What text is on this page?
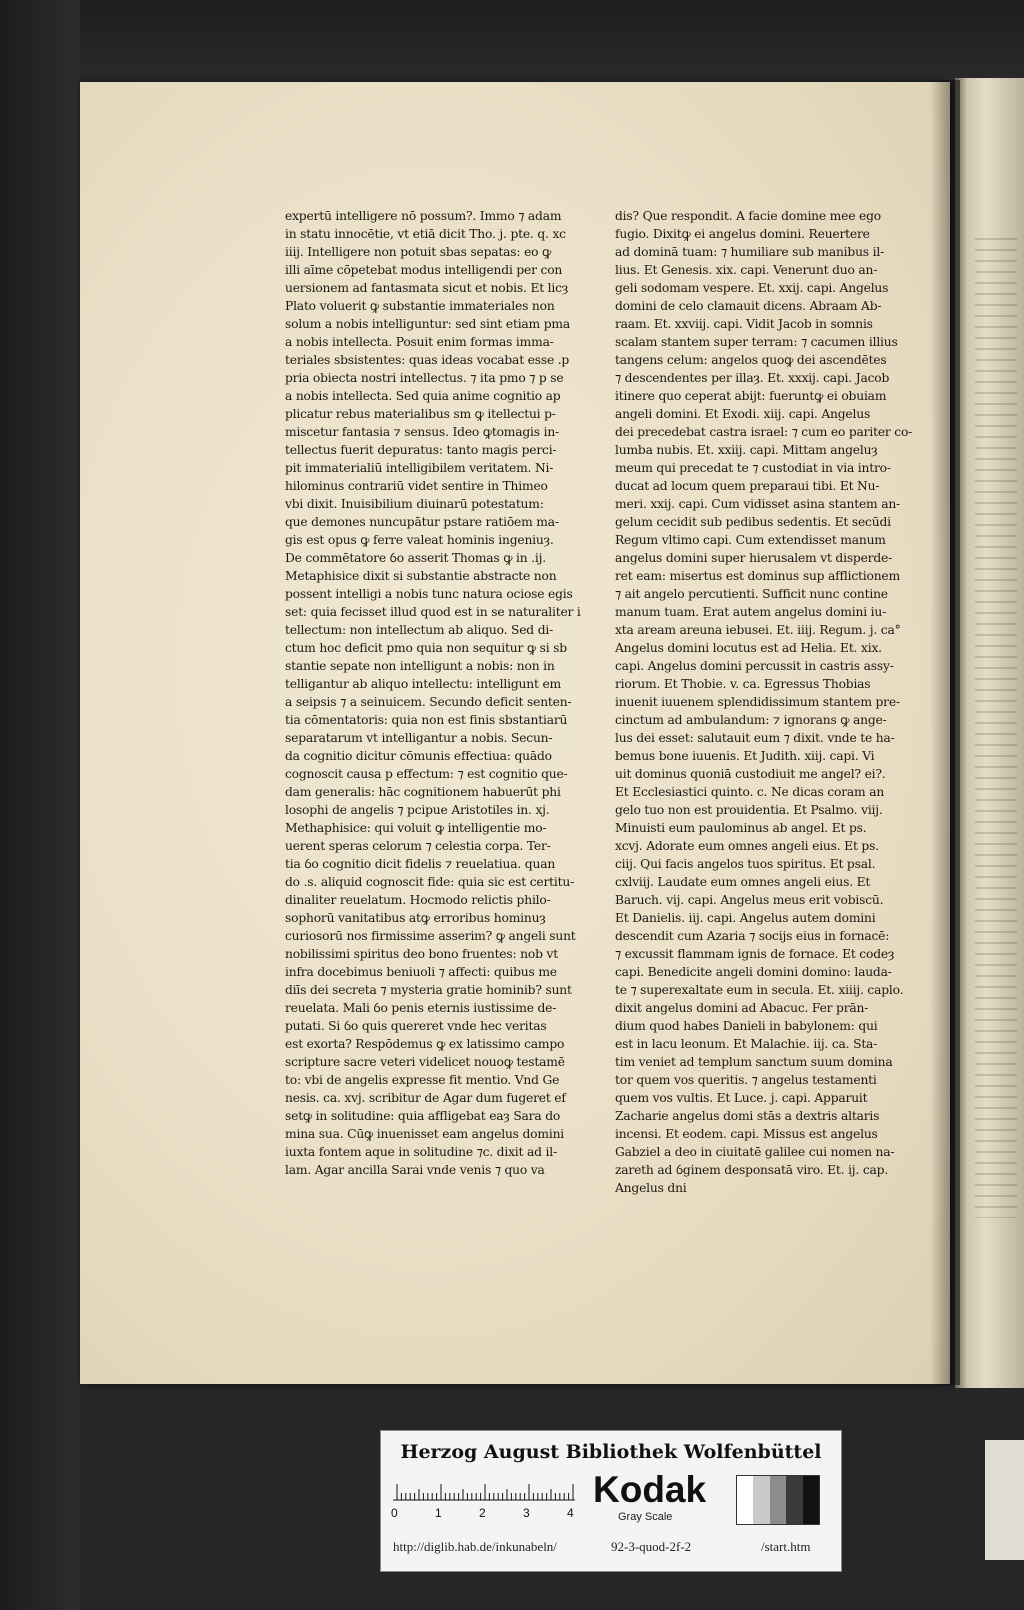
expertū intelligere nō possum?. Immo ⁊ adam
in statu innocētie, vt etiā dicit Tho. j. pte. q. xc
iiij. Intelligere non potuit sbas sepatas: eo ꝙ
illi aīme cōpetebat modus intelligendi per con
uersionem ad fantasmata sicut et nobis. Et licȝ
Plato voluerit ꝙ substantie immateriales non
solum a nobis intelliguntur: sed sint etiam pma
a nobis intellecta. Posuit enim formas imma-
teriales sbsistentes: quas ideas vocabat esse .p
pria obiecta nostri intellectus. ⁊ ita pmo ⁊ p se
a nobis intellecta. Sed quia anime cognitio ap
plicatur rebus materialibus sm ꝙ itellectui p-
miscetur fantasia ⁊ sensus. Ideo ꝙtomagis in-
tellectus fuerit depuratus: tanto magis perci-
pit immaterialiū intelligibilem veritatem. Ni-
hilominus contrariū videt sentire in Thimeo
vbi dixit. Inuisibilium diuinarū potestatum:
que demones nuncupātur pstare ratiōem ma-
gis est opus ꝙ ferre valeat hominis ingeniuȝ.
De commētatore ỽo asserit Thomas ꝙ in .ij.
Metaphisice dixit si substantie abstracte non
possent intelligi a nobis tunc natura ociose egis
set: quia fecisset illud quod est in se naturaliter i
tellectum: non intellectum ab aliquo. Sed di-
ctum hoc deficit pmo quia non sequitur ꝙ si sb
stantie sepate non intelligunt a nobis: non in
telligantur ab aliquo intellectu: intelligunt em
a seipsis ⁊ a seinuicem. Secundo deficit senten-
tia cōmentatoris: quia non est finis sbstantiarū
separatarum vt intelligantur a nobis. Secun-
da cognitio dicitur cōmunis effectiua: quādo
cognoscit causa p effectum: ⁊ est cognitio que-
dam generalis: hāc cognitionem habuerūt phi
losophi de angelis ⁊ pcipue Aristotiles in. xj.
Methaphisice: qui voluit ꝙ intelligentie mo-
uerent speras celorum ⁊ celestia corpa. Ter-
tia ỽo cognitio dicit fidelis ⁊ reuelatiua. quan
do .s. aliquid cognoscit fide: quia sic est certitu-
dinaliter reuelatum. Hocmodo relictis philo-
sophorū vanitatibus atꝙ erroribus hominuȝ
curiosorū nos firmissime asserim? ꝙ angeli sunt
nobilissimi spiritus deo bono fruentes: nob vt
infra docebimus beniuoli ⁊ affecti: quibus me
diīs dei secreta ⁊ mysteria gratie hominib? sunt
reuelata. Mali ỽo penis eternis iustissime de-
putati. Si ỽo quis quereret vnde hec veritas
est exorta? Respōdemus ꝙ ex latissimo campo
scripture sacre veteri videlicet nouoꝙ testamē
to: vbi de angelis expresse fit mentio. Vnd Ge
nesis. ca. xvj. scribitur de Agar dum fugeret ef
setꝙ in solitudine: quia affligebat eaȝ Sara do
mina sua. Cūꝙ inuenisset eam angelus domini
iuxta fontem aque in solitudine ⁊c. dixit ad il-
lam. Agar ancilla Sarai vnde venis ⁊ quo va
dis? Que respondit. A facie domine mee ego
fugio. Dixitꝙ ei angelus domini. Reuertere
ad dominā tuam: ⁊ humiliare sub manibus il-
lius. Et Genesis. xix. capi. Venerunt duo an-
geli sodomam vespere. Et. xxij. capi. Angelus
domini de celo clamauit dicens. Abraam Ab-
raam. Et. xxviij. capi. Vidit Jacob in somnis
scalam stantem super terram: ⁊ cacumen illius
tangens celum: angelos quoꝙ dei ascendētes
⁊ descendentes per illaȝ. Et. xxxij. capi. Jacob
itinere quo ceperat abijt: fueruntꝙ ei obuiam
angeli domini. Et Exodi. xiij. capi. Angelus
dei precedebat castra israel: ⁊ cum eo pariter co-
lumba nubis. Et. xxiij. capi. Mittam angeluȝ
meum qui precedat te ⁊ custodiat in via intro-
ducat ad locum quem preparaui tibi. Et Nu-
meri. xxij. capi. Cum vidisset asina stantem an-
gelum cecidit sub pedibus sedentis. Et secūdi
Regum vltimo capi. Cum extendisset manum
angelus domini super hierusalem vt disperde-
ret eam: misertus est dominus sup afflictionem
⁊ ait angelo percutienti. Sufficit nunc contine
manum tuam. Erat autem angelus domini iu-
xta aream areuna iebusei. Et. iiij. Regum. j. ca°
Angelus domini locutus est ad Helia. Et. xix.
capi. Angelus domini percussit in castris assy-
riorum. Et Thobie. v. ca. Egressus Thobias
inuenit iuuenem splendidissimum stantem pre-
cinctum ad ambulandum: ⁊ ignorans ꝙ ange-
lus dei esset: salutauit eum ⁊ dixit. vnde te ha-
bemus bone iuuenis. Et Judith. xiij. capi. Vi
uit dominus quoniā custodiuit me angel? ei?.
Et Ecclesiastici quinto. c. Ne dicas coram an
gelo tuo non est prouidentia. Et Psalmo. viij.
Minuisti eum paulominus ab angel. Et ps.
xcvj. Adorate eum omnes angeli eius. Et ps.
ciij. Qui facis angelos tuos spiritus. Et psal.
cxlviij. Laudate eum omnes angeli eius. Et
Baruch. vij. capi. Angelus meus erit vobiscū.
Et Danielis. iij. capi. Angelus autem domini
descendit cum Azaria ⁊ socijs eius in fornacē:
⁊ excussit flammam ignis de fornace. Et codeȝ
capi. Benedicite angeli domini domino: lauda-
te ⁊ superexaltate eum in secula. Et. xiiij. caplo.
dixit angelus domini ad Abacuc. Fer prān-
dium quod habes Danieli in babylonem: qui
est in lacu leonum. Et Malachie. iij. ca. Sta-
tim veniet ad templum sanctum suum domina
tor quem vos queritis. ⁊ angelus testamenti
quem vos vultis. Et Luce. j. capi. Apparuit
Zacharie angelus domi stās a dextris altaris
incensi. Et eodem. capi. Missus est angelus
Gabziel a deo in ciuitatē galilee cui nomen na-
zareth ad ỽginem desponsatā viro. Et. ij. cap.
Angelus dni
Herzog August Bibliothek Wolfenbüttel
0	1	2	3	4
Kodak
Gray Scale
http://diglib.hab.de/inkunabeln/	92-3-quod-2f-2	/start.htm
